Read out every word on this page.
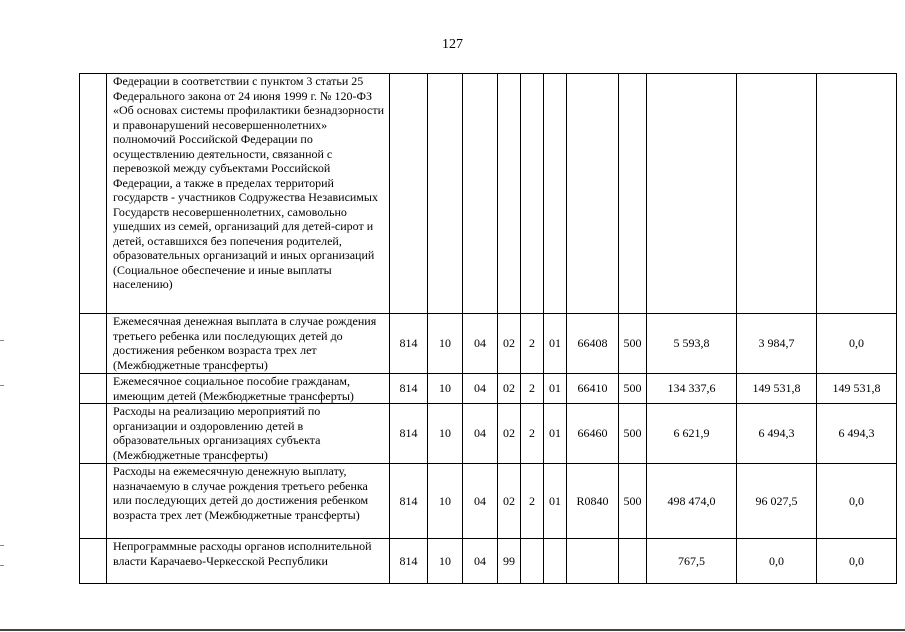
127
	Федерации в соответствии с пунктом 3 статьи 25 Федерального закона от 24 июня 1999 г. № 120-ФЗ «Об основах системы профилактики безнадзорности и правонарушений несовершеннолетних» полномочий Российской Федерации по осуществлению деятельности, связанной с перевозкой между субъектами Российской Федерации, а также в пределах территорий государств - участников Содружества Независимых Государств несовершеннолетних, самовольно ушедших из семей, организаций для детей-сирот и детей, оставшихся без попечения родителей, образовательных организаций и иных организаций (Социальное обеспечение и иные выплаты населению)											
	Ежемесячная денежная выплата в случае рождения третьего ребенка или последующих детей до достижения ребенком возраста трех лет (Межбюджетные трансферты)	814	10	04	02	2	01	66408	500	5 593,8	3 984,7	0,0
	Ежемесячное социальное пособие гражданам, имеющим детей (Межбюджетные трансферты)	814	10	04	02	2	01	66410	500	134 337,6	149 531,8	149 531,8
	Расходы на реализацию мероприятий по организации и оздоровлению детей в образовательных организациях субъекта (Межбюджетные трансферты)	814	10	04	02	2	01	66460	500	6 621,9	6 494,3	6 494,3
	Расходы на ежемесячную денежную выплату, назначаемую в случае рождения третьего ребенка или последующих детей до достижения ребенком возраста трех лет (Межбюджетные трансферты)	814	10	04	02	2	01	R0840	500	498 474,0	96 027,5	0,0
	Непрограммные расходы органов исполнительной власти Карачаево-Черкесской Республики	814	10	04	99					767,5	0,0	0,0
